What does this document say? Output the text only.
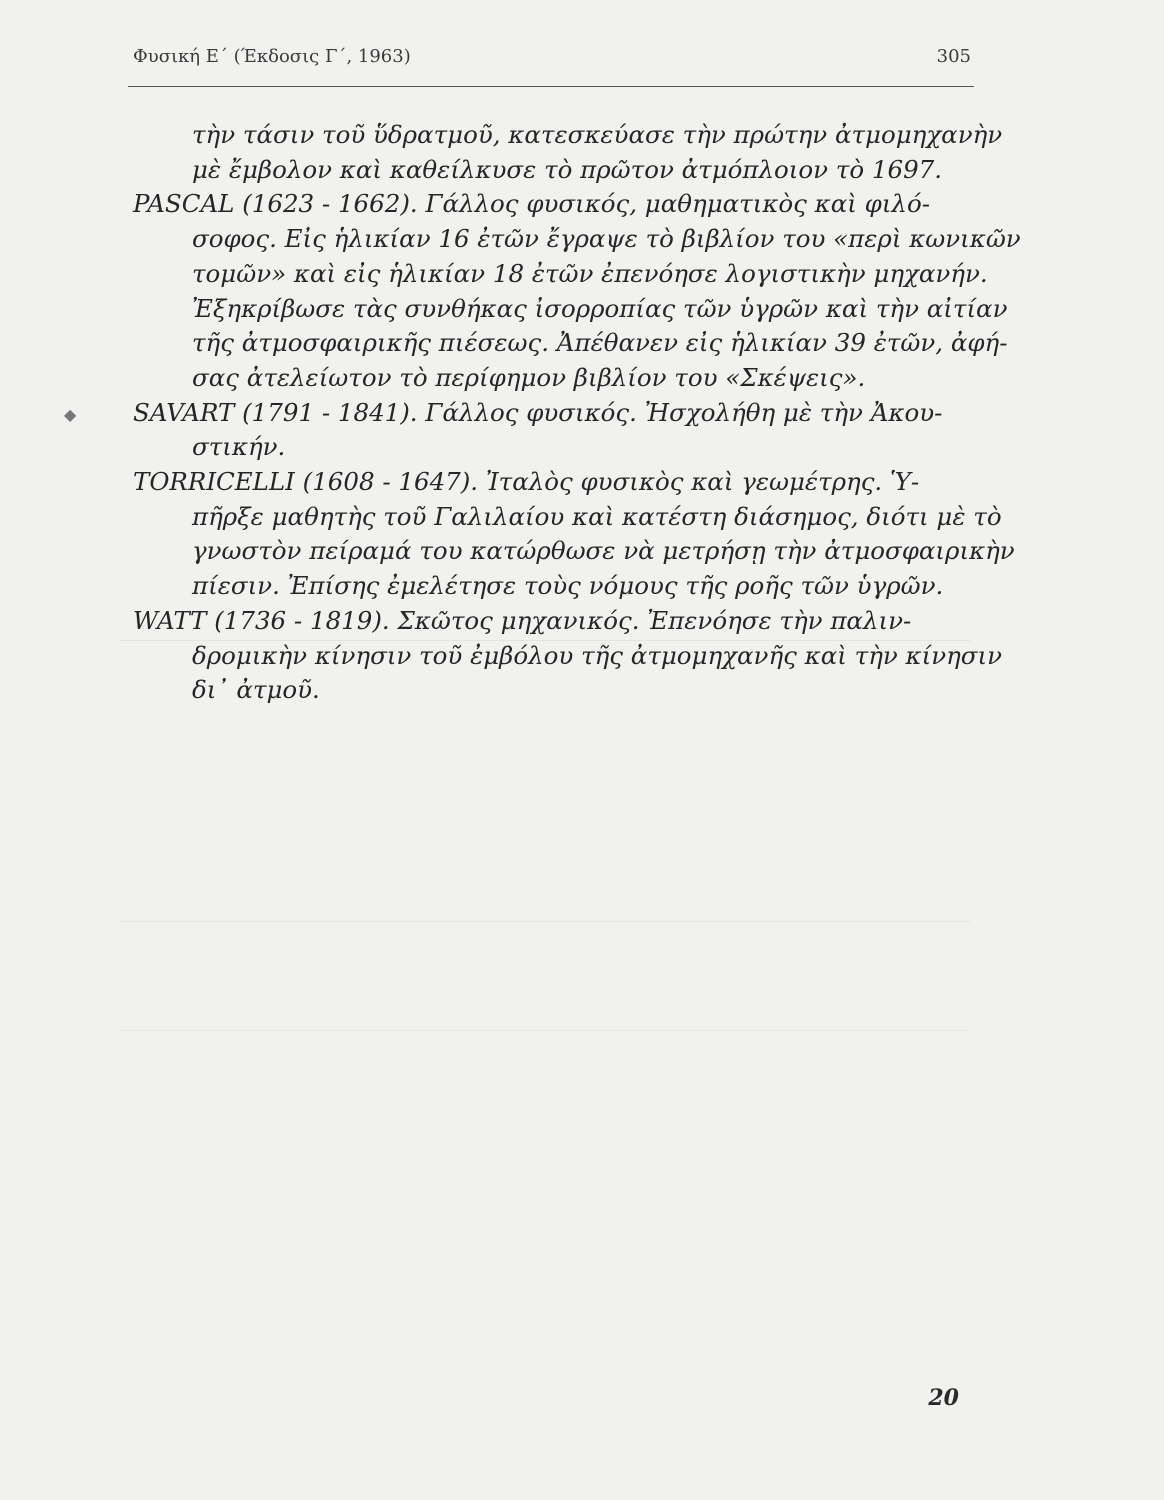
Φυσική Ε΄ (Έκδοσις Γ΄, 1963)	305
τὴν τάσιν τοῦ ὕδρατμοῦ, κατεσκεύασε τὴν πρώτην ἀτμομηχανὴν
μὲ ἔμβολον καὶ καθείλκυσε τὸ πρῶτον ἀτμόπλοιον τὸ 1697.
PASCAL (1623 - 1662). Γάλλος φυσικός, μαθηματικὸς καὶ φιλό-
σοφος. Εἰς ἡλικίαν 16 ἐτῶν ἔγραψε τὸ βιβλίον του «περὶ κωνικῶν
τομῶν» καὶ εἰς ἡλικίαν 18 ἐτῶν ἐπενόησε λογιστικὴν μηχανήν.
Ἐξηκρίβωσε τὰς συνθήκας ἰσορροπίας τῶν ὑγρῶν καὶ τὴν αἰτίαν
τῆς ἀτμοσφαιρικῆς πιέσεως. Ἀπέθανεν εἰς ἡλικίαν 39 ἐτῶν, ἀφή-
σας ἀτελείωτον τὸ περίφημον βιβλίον του «Σκέψεις».
SAVART (1791 - 1841). Γάλλος φυσικός. Ἠσχολήθη μὲ τὴν Ἀκου-
στικήν.
TORRICELLI (1608 - 1647). Ἰταλὸς φυσικὸς καὶ γεωμέτρης. Ὑ-
πῆρξε μαθητὴς τοῦ Γαλιλαίου καὶ κατέστη διάσημος, διότι μὲ τὸ
γνωστὸν πείραμά του κατώρθωσε νὰ μετρήσῃ τὴν ἀτμοσφαιρικὴν
πίεσιν. Ἐπίσης ἐμελέτησε τοὺς νόμους τῆς ροῆς τῶν ὑγρῶν.
WATT (1736 - 1819). Σκῶτος μηχανικός. Ἐπενόησε τὴν παλιν-
δρομικὴν κίνησιν τοῦ ἐμβόλου τῆς ἀτμομηχανῆς καὶ τὴν κίνησιν
δι᾽ ἀτμοῦ.
20
◆
